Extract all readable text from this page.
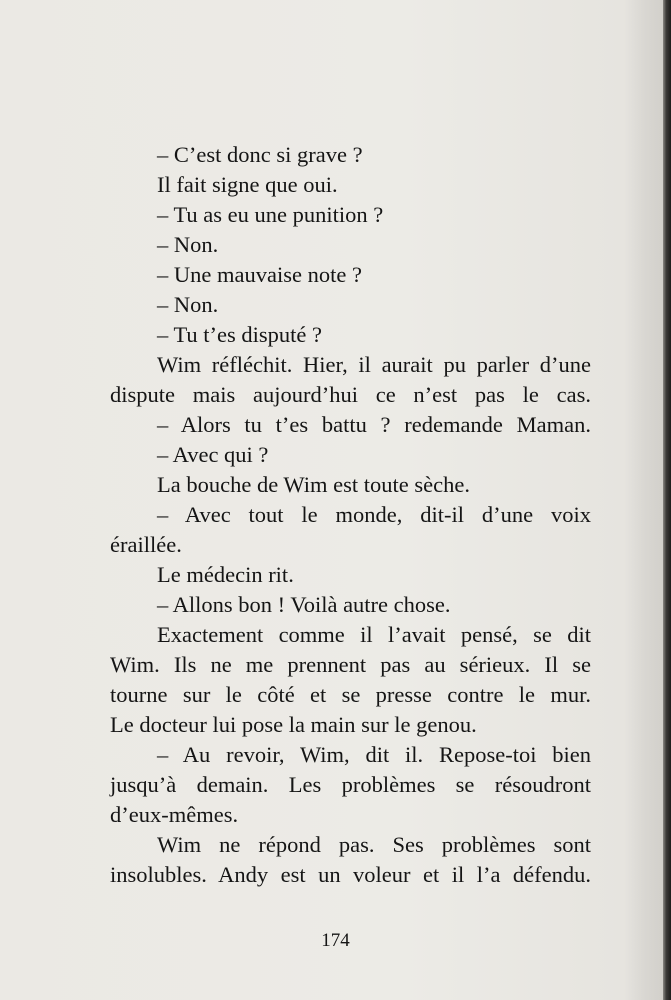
– C’est donc si grave ?
Il fait signe que oui.
– Tu as eu une punition ?
– Non.
– Une mauvaise note ?
– Non.
– Tu t’es disputé ?
Wim réfléchit. Hier, il aurait pu parler d’une
dispute mais aujourd’hui ce n’est pas le cas.
– Alors tu t’es battu ? redemande Maman.
– Avec qui ?
La bouche de Wim est toute sèche.
– Avec tout le monde, dit-il d’une voix
éraillée.
Le médecin rit.
– Allons bon ! Voilà autre chose.
Exactement comme il l’avait pensé, se dit
Wim. Ils ne me prennent pas au sérieux. Il se
tourne sur le côté et se presse contre le mur.
Le docteur lui pose la main sur le genou.
– Au revoir, Wim, dit il. Repose-toi bien
jusqu’à demain. Les problèmes se résoudront
d’eux-mêmes.
Wim ne répond pas. Ses problèmes sont
insolubles. Andy est un voleur et il l’a défendu.
174
